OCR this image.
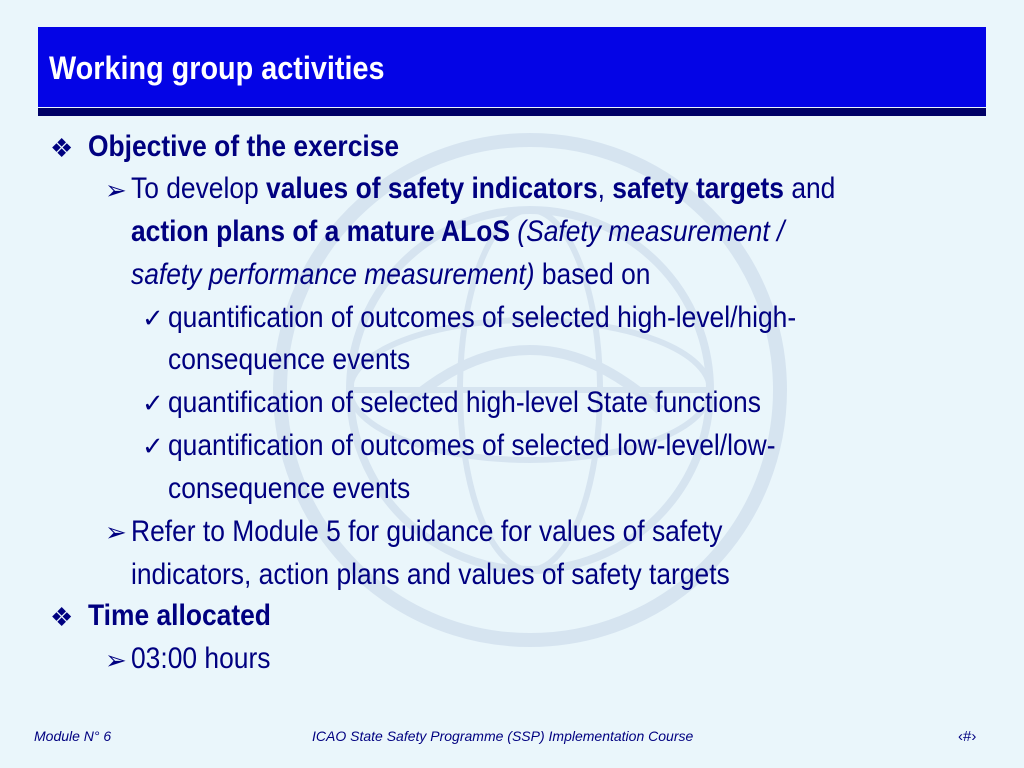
Working group activities
❖ Objective of the exercise
➢ To develop values of safety indicators, safety targets and
action plans of a mature ALoS (Safety measurement /
safety performance measurement) based on
✓ quantification of outcomes of selected high-level/high-
consequence events
✓ quantification of selected high-level State functions
✓ quantification of outcomes of selected low-level/low-
consequence events
➢ Refer to Module 5 for guidance for values of safety
indicators, action plans and values of safety targets
❖ Time allocated
➢ 03:00 hours
Module N° 6	ICAO State Safety Programme (SSP) Implementation Course	‹#›
